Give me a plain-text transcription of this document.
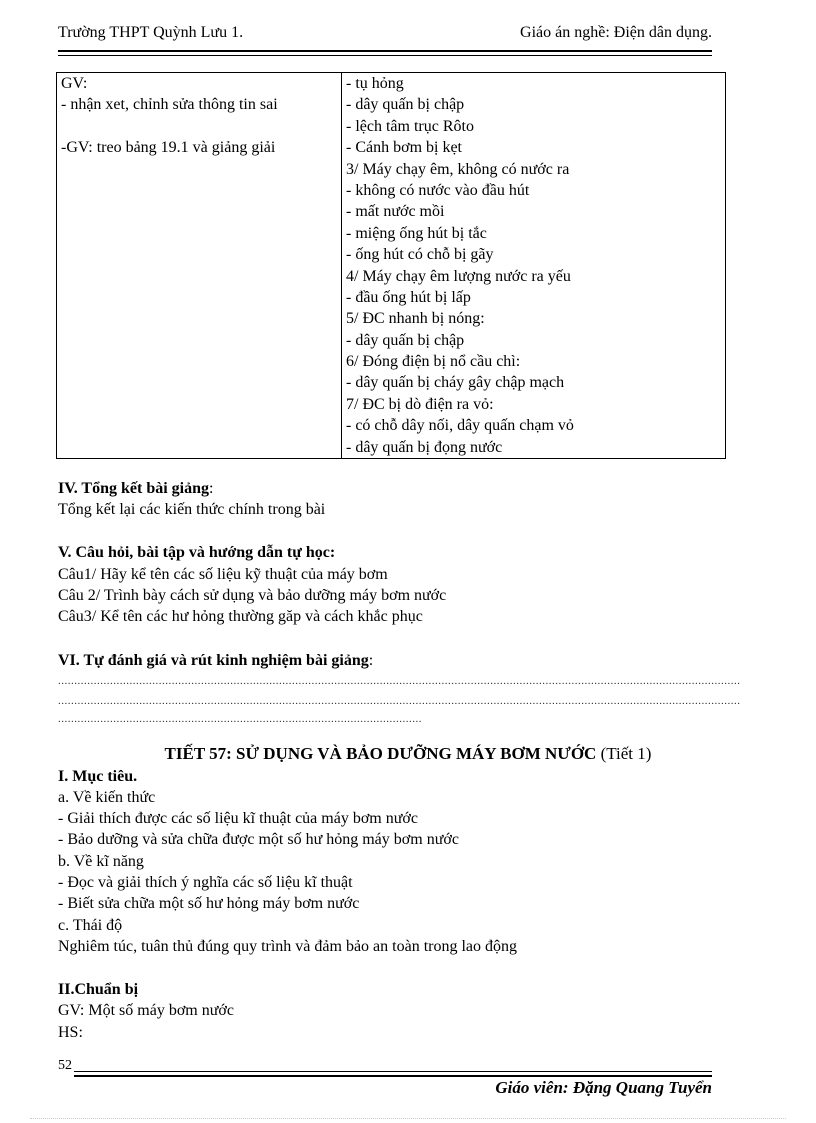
Trường THPT Quỳnh Lưu 1.	Giáo án nghề: Điện dân dụng.
GV:
- nhận xet, chỉnh sửa thông tin sai
-GV: treo bảng 19.1 và giảng giải

- tụ hỏng
- dây quấn bị chập
- lệch tâm trục Rôto
- Cánh bơm bị kẹt
3/ Máy chạy êm, không có nước ra
- không có nước vào đầu hút
- mất nước mồi
- miệng ống hút bị tắc
- ống hút có chỗ bị gãy
4/ Máy chạy êm lượng nước ra yếu
- đầu ống hút bị lấp
5/ ĐC nhanh bị nóng:
- dây quấn bị chập
6/ Đóng điện bị nổ cầu chì:
- dây quấn bị cháy gây chập mạch
7/ ĐC bị dò điện ra vỏ:
- có chỗ dây nối, dây quấn chạm vỏ
- dây quấn bị đọng nước
IV. Tổng kết bài giảng:
Tổng kết lại các kiến thức chính trong bài
V. Câu hỏi, bài tập và hướng dẫn tự học:
Câu1/ Hãy kể tên các số liệu kỹ thuật của máy bơm
Câu 2/ Trình bày cách sử dụng và bảo dưỡng máy bơm nước
Câu3/ Kể tên các hư hỏng thường găp và cách khắc phục
VI. Tự đánh giá và rút kinh nghiệm bài giảng:
..................................................................................................................................................................................................................
..................................................................................................................................................................................................................
................................................................................................................
TIẾT 57: SỬ DỤNG VÀ BẢO DƯỠNG MÁY BƠM NƯỚC (Tiết 1)
I. Mục tiêu.
a. Về kiến thức
- Giải thích được các số liệu kĩ thuật của máy bơm nước
- Bảo dưỡng và sửa chữa được một số hư hỏng máy bơm nước
b. Về kĩ năng
- Đọc và giải thích ý nghĩa các số liệu kĩ thuật
- Biết sửa chữa một số hư hỏng máy bơm nước
c. Thái độ
Nghiêm túc, tuân thủ đúng quy trình và đảm bảo an toàn trong lao động
II.Chuẩn bị
GV: Một số máy bơm nước
HS:
52
Giáo viên: Đặng Quang Tuyển
